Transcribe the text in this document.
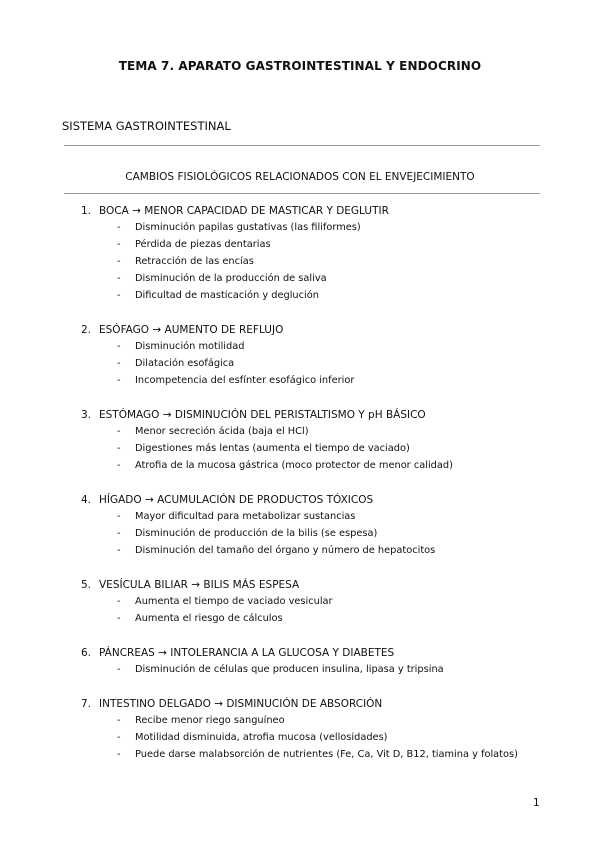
TEMA 7. APARATO GASTROINTESTINAL Y ENDOCRINO
SISTEMA GASTROINTESTINAL
CAMBIOS FISIOLÓGICOS RELACIONADOS CON EL ENVEJECIMIENTO
1. BOCA → MENOR CAPACIDAD DE MASTICAR Y DEGLUTIR
- Disminución papilas gustativas (las filiformes)
- Pérdida de piezas dentarias
- Retracción de las encías
- Disminución de la producción de saliva
- Dificultad de masticación y deglución
2. ESÓFAGO → AUMENTO DE REFLUJO
- Disminución motilidad
- Dilatación esofágica
- Incompetencia del esfínter esofágico inferior
3. ESTÓMAGO → DISMINUCIÓN DEL PERISTALTISMO Y pH BÁSICO
- Menor secreción ácida (baja el HCl)
- Digestiones más lentas (aumenta el tiempo de vaciado)
- Atrofia de la mucosa gástrica (moco protector de menor calidad)
4. HÍGADO → ACUMULACIÓN DE PRODUCTOS TÓXICOS
- Mayor dificultad para metabolizar sustancias
- Disminución de producción de la bilis (se espesa)
- Disminución del tamaño del órgano y número de hepatocitos
5. VESÍCULA BILIAR → BILIS MÁS ESPESA
- Aumenta el tiempo de vaciado vesicular
- Aumenta el riesgo de cálculos
6. PÁNCREAS → INTOLERANCIA A LA GLUCOSA Y DIABETES
- Disminución de células que producen insulina, lipasa y tripsina
7. INTESTINO DELGADO → DISMINUCIÓN DE ABSORCIÓN
- Recibe menor riego sanguíneo
- Motilidad disminuida, atrofia mucosa (vellosidades)
- Puede darse malabsorción de nutrientes (Fe, Ca, Vit D, B12, tiamina y folatos)
1
